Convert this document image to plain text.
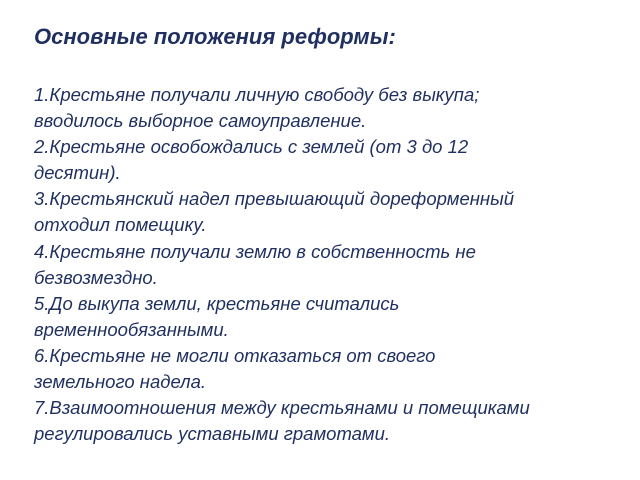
Основные положения реформы:
1.Крестьяне получали личную свободу без выкупа;
вводилось выборное самоуправление.
2.Крестьяне освобождались с землей (от 3 до 12
десятин).
3.Крестьянский надел превышающий дореформенный
отходил помещику.
4.Крестьяне получали землю в собственность не
безвозмездно.
5.До выкупа земли, крестьяне считались
временнообязанными.
6.Крестьяне не могли отказаться от своего
земельного надела.
7.Взаимоотношения между крестьянами и помещиками
регулировались уставными грамотами.
